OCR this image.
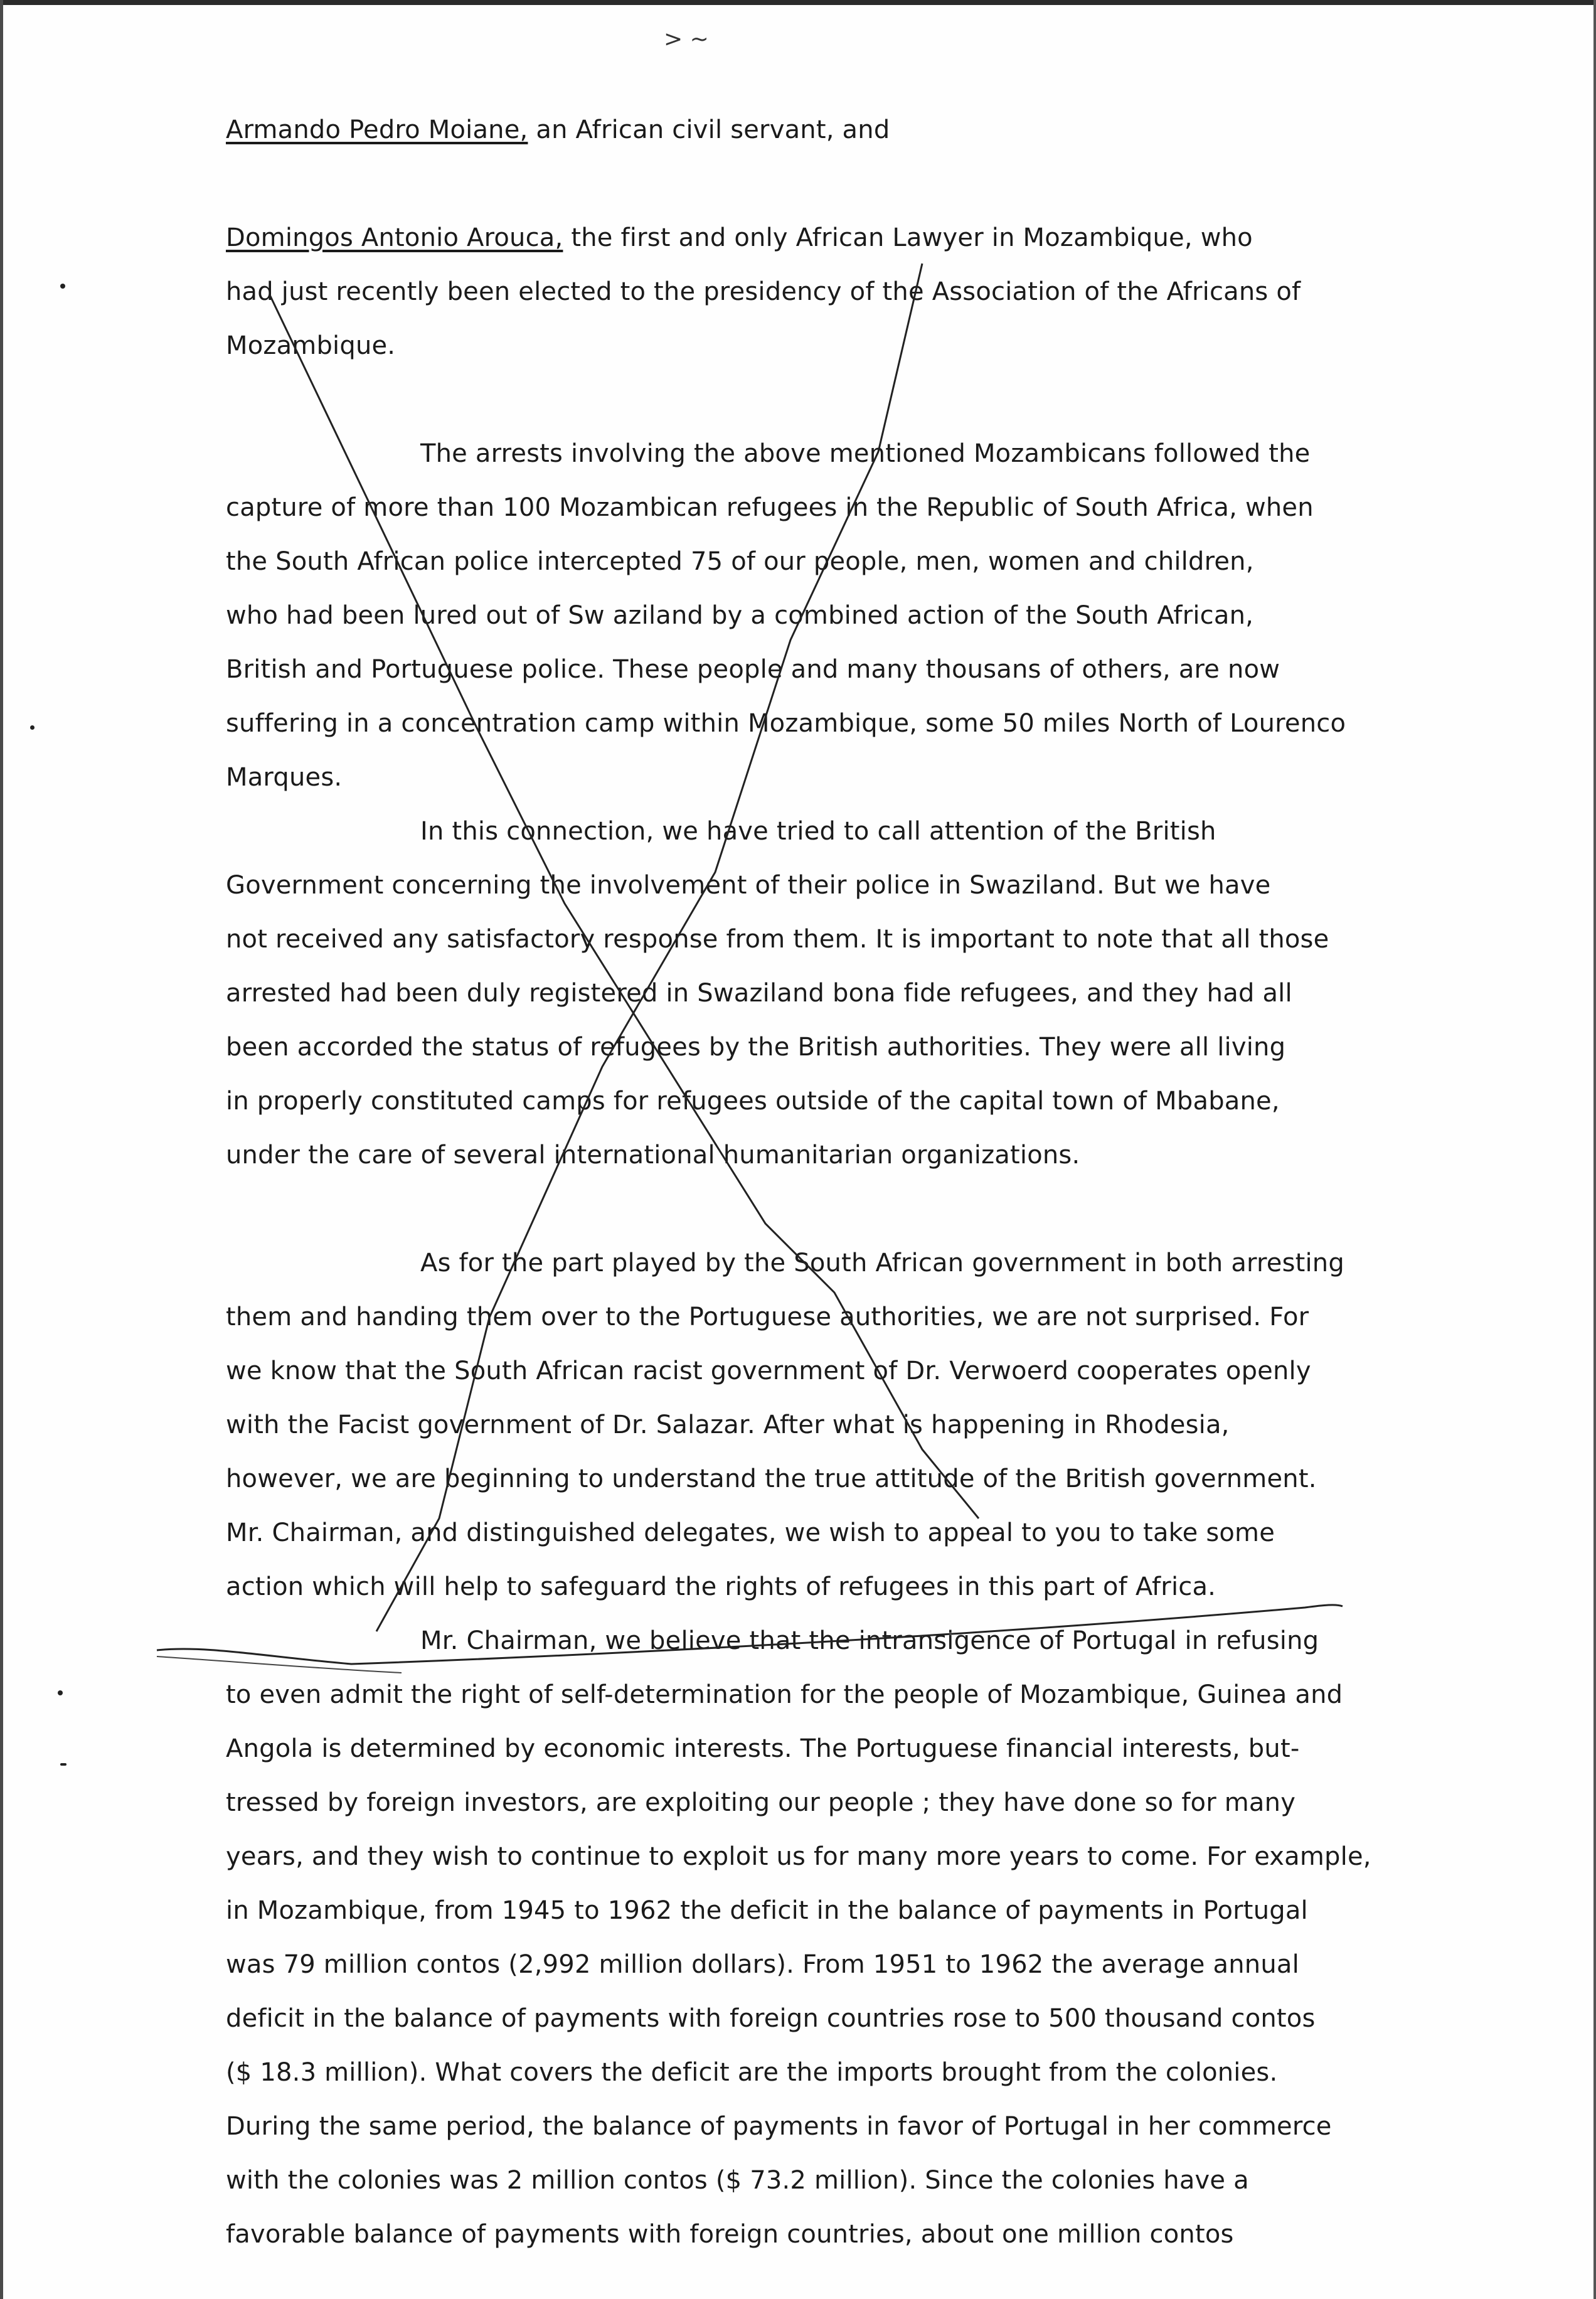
> ~
Armando Pedro Moiane, an African civil servant, and
Domingos Antonio Arouca, the first and only African Lawyer in Mozambique, who
had just recently been elected to the presidency of the Association of the Africans of
Mozambique.
The arrests involving the above mentioned Mozambicans followed the
capture of more than 100 Mozambican refugees in the Republic of South Africa, when
the South African police intercepted 75 of our people, men, women and children,
who had been lured out of Sw aziland by a combined action of the South African,
British and Portuguese police. These people and many thousans of others, are now
suffering in a concentration camp within Mozambique, some 50 miles North of Lourenco
Marques.
In this connection, we have tried to call attention of the British
Government concerning the involvement of their police in Swaziland. But we have
not received any satisfactory response from them. It is important to note that all those
arrested had been duly registered in Swaziland bona fide refugees, and they had all
been accorded the status of refugees by the British authorities. They were all living
in properly constituted camps for refugees outside of the capital town of Mbabane,
under the care of several international humanitarian organizations.
As for the part played by the South African government in both arresting
them and handing them over to the Portuguese authorities, we are not surprised. For
we know that the South African racist government of Dr. Verwoerd cooperates openly
with the Facist government of Dr. Salazar. After what is happening in Rhodesia,
however, we are beginning to understand the true attitude of the British government.
Mr. Chairman, and distinguished delegates, we wish to appeal to you to take some
action which will help to safeguard the rights of refugees in this part of Africa.
Mr. Chairman, we believe that the intransigence of Portugal in refusing
to even admit the right of self-determination for the people of Mozambique, Guinea and
Angola is determined by economic interests. The Portuguese financial interests, but-
tressed by foreign investors, are exploiting our people ; they have done so for many
years, and they wish to continue to exploit us for many more years to come. For example,
in Mozambique, from 1945 to 1962 the deficit in the balance of payments in Portugal
was 79 million contos (2,992 million dollars). From 1951 to 1962 the average annual
deficit in the balance of payments with foreign countries rose to 500 thousand contos
($ 18.3 million). What covers the deficit are the imports brought from the colonies.
During the same period, the balance of payments in favor of Portugal in her commerce
with the colonies was 2 million contos ($ 73.2 million). Since the colonies have a
favorable balance of payments with foreign countries, about one million contos
